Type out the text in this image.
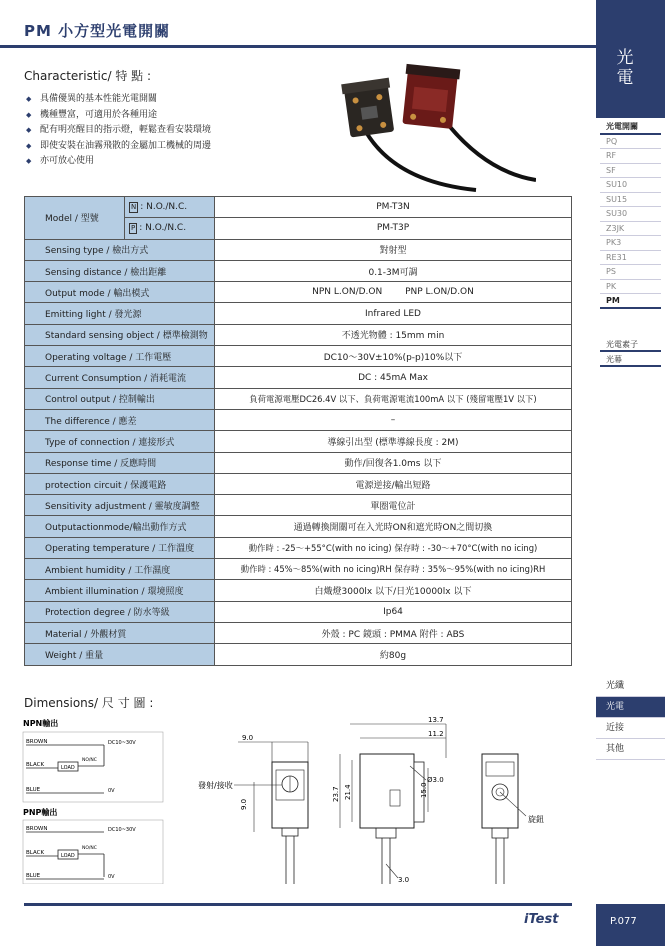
PM 小方型光電開關
Characteristic/ 特 點 :
◆ 具備優異的基本性能光電開關
◆ 機種豐富，可適用於各種用途
◆ 配有明亮醒目的指示燈，輕鬆查看安裝環境
◆ 即使安裝在油霧飛散的金屬加工機械的周邊
◆ 亦可放心使用
Model / 型號	N : N.O./N.C.	PM-T3N
	P : N.O./N.C.	PM-T3P
Sensing type / 檢出方式		對射型
Sensing distance / 檢出距離		0.1-3M可調
Output mode / 輸出模式		NPN L.ON/D.ON        PNP L.ON/D.ON
Emitting light / 發光源		Infrared LED
Standard sensing object / 標準檢測物		不透光物體 : 15mm min
Operating voltage / 工作電壓		DC10～30V±10%(p-p)10%以下
Current Consumption / 消耗電流		DC : 45mA Max
Control output / 控制輸出		負荷電源電壓DC26.4V 以下、負荷電源電流100mA 以下 (殘留電壓1V 以下)
The difference / 應差		–
Type of connection / 連接形式		導線引出型 (標準導線長度 : 2M)
Response time / 反應時間		動作/回復各1.0ms 以下
protection circuit / 保護電路		電源逆接/輸出短路
Sensitivity adjustment / 靈敏度調整		單圈電位計
Outputactionmode/輸出動作方式		通過轉換開關可在入光時ON和遮光時ON之間切換
Operating temperature / 工作溫度		動作時 : -25～+55°C(with no icing) 保存時 : -30～+70°C(with no icing)
Ambient humidity / 工作濕度		動作時 : 45%～85%(with no icing)RH 保存時 : 35%～95%(with no icing)RH
Ambient illumination / 環境照度		白熾燈3000lx 以下/日光10000lx 以下
Protection degree / 防水等級		Ip64
Material / 外觀材質		外殼 : PC 鏡頭 : PMMA 附件 : ABS
Weight / 重量		約80g
Dimensions/ 尺 寸 圖 :
NPN輸出
BROWN	DC10~30V
BLACK	LOAD
NO/NC
BLUE	0V
PNP輸出
BROWN	DC10~30V
BLACK	LOAD
NO/NC
BLUE	0V
9.0
發射/接收
9.0
13.7
11.2
23.7 21.4	15.0
Ø3.0
3.0
旋鈕
iTest
光電
光電開關
PQ
RF
SF
SU10
SU15
SU30
Z3JK
PK3
RE31
PS
PK
PM
光電素子
光幕
光纖
光電
近接
其他
P.077
